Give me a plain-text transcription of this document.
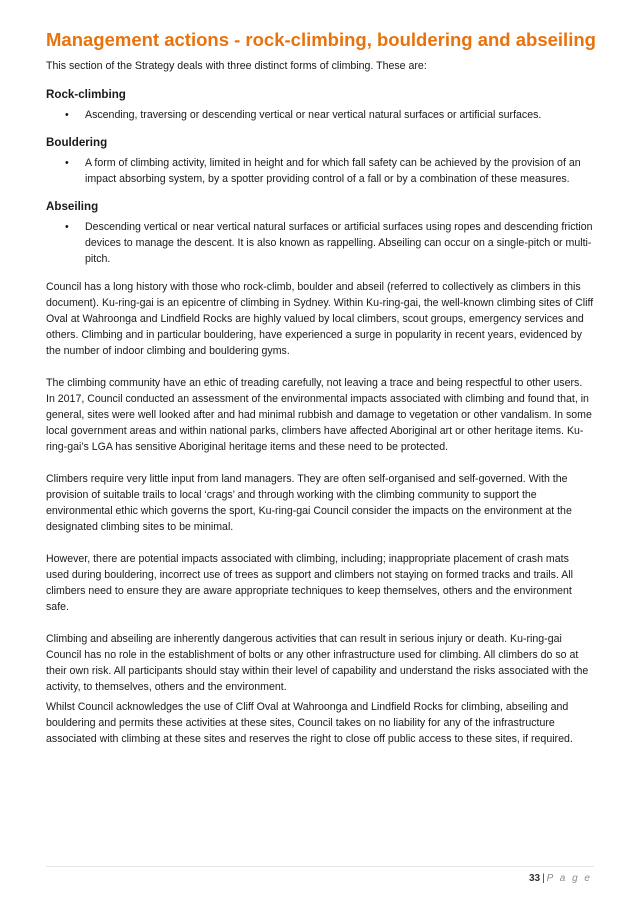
Management actions - rock-climbing, bouldering and abseiling

This section of the Strategy deals with three distinct forms of climbing. These are:

Rock-climbing
• Ascending, traversing or descending vertical or near vertical natural surfaces or artificial surfaces.
Bouldering
• A form of climbing activity, limited in height and for which fall safety can be achieved by the provision of an impact absorbing system, by a spotter providing control of a fall or by a combination of these measures.
Abseiling
• Descending vertical or near vertical natural surfaces or artificial surfaces using ropes and descending friction devices to manage the descent. It is also known as rappelling. Abseiling can occur on a single-pitch or multi-pitch.

Council has a long history with those who rock-climb, boulder and abseil (referred to collectively as climbers in this document). Ku-ring-gai is an epicentre of climbing in Sydney. Within Ku-ring-gai, the well-known climbing sites of Cliff Oval at Wahroonga and Lindfield Rocks are highly valued by local climbers, scout groups, emergency services and others. Climbing and in particular bouldering, have experienced a surge in popularity in recent years, evidenced by the number of indoor climbing and bouldering gyms.

The climbing community have an ethic of treading carefully, not leaving a trace and being respectful to other users. In 2017, Council conducted an assessment of the environmental impacts associated with climbing and found that, in general, sites were well looked after and had minimal rubbish and damage to vegetation or other vandalism. In some local government areas and within national parks, climbers have affected Aboriginal art or other heritage items. Ku-ring-gai’s LGA has sensitive Aboriginal heritage items and these need to be protected.

Climbers require very little input from land managers. They are often self-organised and self-governed. With the provision of suitable trails to local ‘crags’ and through working with the climbing community to support the environmental ethic which governs the sport, Ku-ring-gai Council consider the impacts on the environment at the designated climbing sites to be minimal.

However, there are potential impacts associated with climbing, including; inappropriate placement of crash mats used during bouldering, incorrect use of trees as support and climbers not staying on formed tracks and trails. All climbers need to ensure they are aware appropriate techniques to keep themselves, others and the environment safe.

Climbing and abseiling are inherently dangerous activities that can result in serious injury or death. Ku-ring-gai Council has no role in the establishment of bolts or any other infrastructure used for climbing. All climbers do so at their own risk. All participants should stay within their level of capability and understand the risks associated with the activity, to themselves, others and the environment.

Whilst Council acknowledges the use of Cliff Oval at Wahroonga and Lindfield Rocks for climbing, abseiling and bouldering and permits these activities at these sites, Council takes on no liability for any of the infrastructure associated with climbing at these sites and reserves the right to close off public access to these sites, if required.

33 | P a g e
